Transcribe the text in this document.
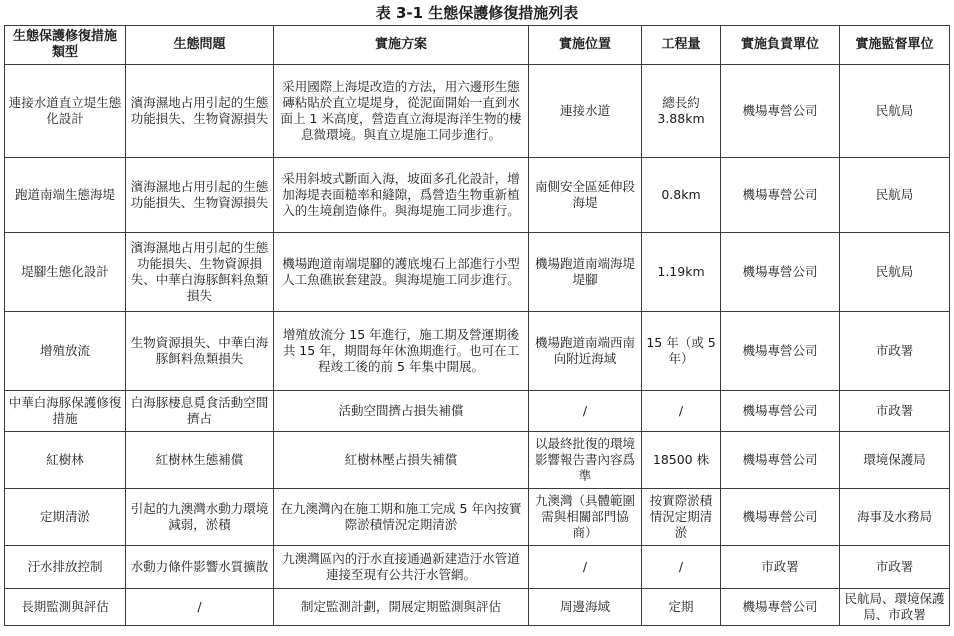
表 3-1 生態保護修復措施列表
生態保護修復措施類型	生態問題	實施方案	實施位置	工程量	實施負責單位	實施監督單位
連接水道直立堤生態化設計	濱海濕地占用引起的生態功能損失、生物資源損失	采用國際上海堤改造的方法，用六邊形生態磚粘貼於直立堤堤身，從泥面開始一直到水面上 1 米高度，營造直立海堤海洋生物的棲息微環境。與直立堤施工同步進行。	連接水道	總長約 3.88km	機場專營公司	民航局
跑道南端生態海堤	濱海濕地占用引起的生態功能損失、生物資源損失	采用斜坡式斷面入海，坡面多孔化設計，增加海堤表面糙率和縫隙，爲營造生物重新植入的生境創造條件。與海堤施工同步進行。	南側安全區延伸段海堤	0.8km	機場專營公司	民航局
堤腳生態化設計	濱海濕地占用引起的生態功能損失、生物資源損失、中華白海豚餌料魚類損失	機場跑道南端堤腳的護底塊石上部進行小型人工魚礁嵌套建設。與海堤施工同步進行。	機場跑道南端海堤堤腳	1.19km	機場專營公司	民航局
增殖放流	生物資源損失、中華白海豚餌料魚類損失	增殖放流分 15 年進行，施工期及營運期後共 15 年，期間每年休漁期進行。也可在工程竣工後的前 5 年集中開展。	機場跑道南端西南向附近海域	15 年（或 5 年）	機場專營公司	市政署
中華白海豚保護修復措施	白海豚棲息覓食活動空間擠占	活動空間擠占損失補償	/	/	機場專營公司	市政署
紅樹林	紅樹林生態補償	紅樹林壓占損失補償	以最終批復的環境影響報告書內容爲準	18500 株	機場專營公司	環境保護局
定期清淤	引起的九澳灣水動力環境減弱，淤積	在九澳灣內在施工期和施工完成 5 年內按實際淤積情況定期清淤	九澳灣（具體範圍需與相關部門協商）	按實際淤積情況定期清淤	機場專營公司	海事及水務局
汙水排放控制	水動力條件影響水質擴散	九澳灣區內的汙水直接通過新建造汙水管道連接至現有公共汙水管網。	/	/	市政署	市政署
長期監測與評估	/	制定監測計劃，開展定期監測與評估	周邊海域	定期	機場專營公司	民航局、環境保護局、市政署
